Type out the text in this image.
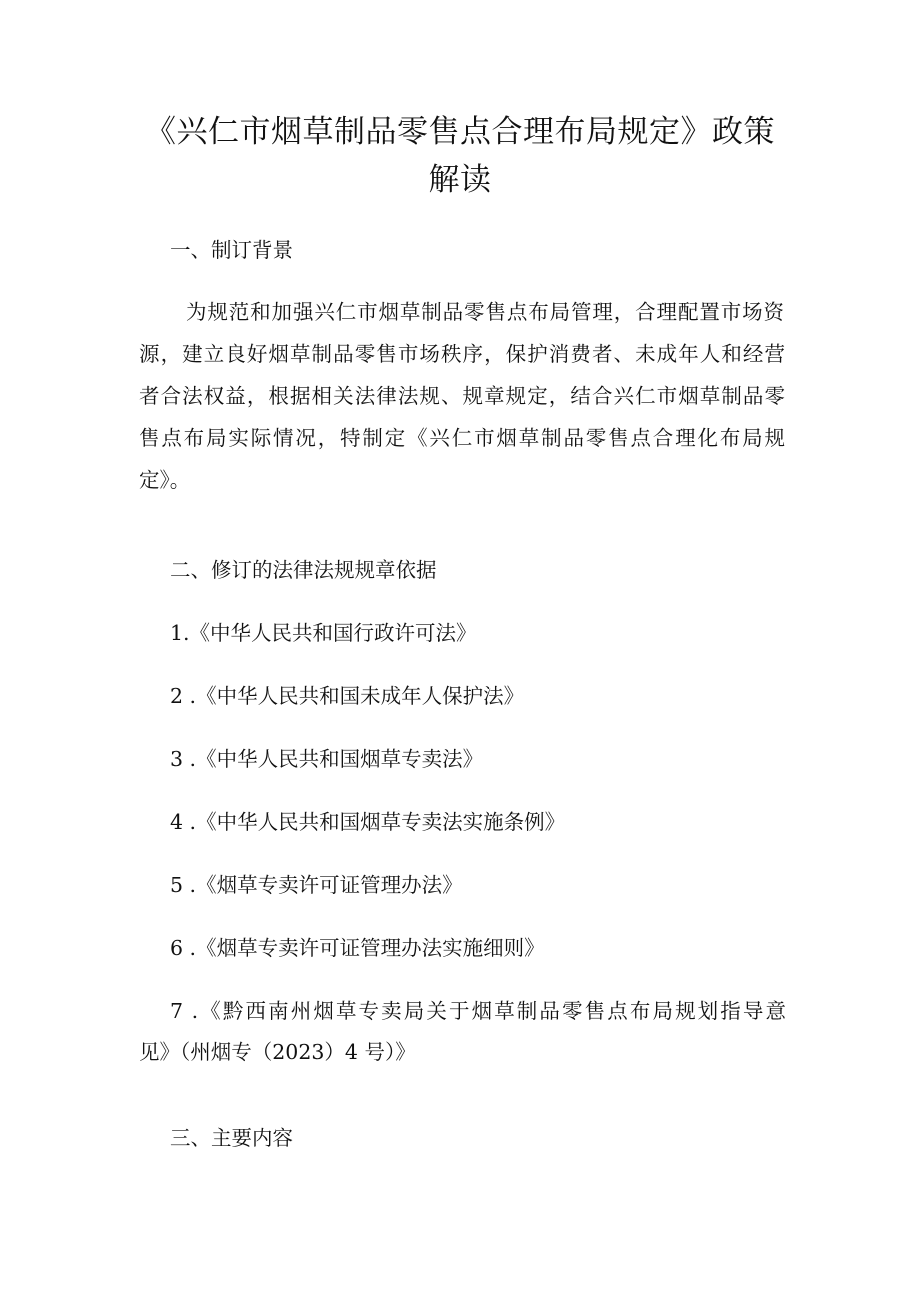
《兴仁市烟草制品零售点合理布局规定》政策
解读
一、制订背景
为规范和加强兴仁市烟草制品零售点布局管理，合理配置市场资
源，建立良好烟草制品零售市场秩序，保护消费者、未成年人和经营
者合法权益，根据相关法律法规、规章规定，结合兴仁市烟草制品零
售点布局实际情况，特制定《兴仁市烟草制品零售点合理化布局规
定》。
二、修订的法律法规规章依据
1.《中华人民共和国行政许可法》
2 .《中华人民共和国未成年人保护法》
3 .《中华人民共和国烟草专卖法》
4 .《中华人民共和国烟草专卖法实施条例》
5 .《烟草专卖许可证管理办法》
6 .《烟草专卖许可证管理办法实施细则》
7 .《黔西南州烟草专卖局关于烟草制品零售点布局规划指导意
见》（州烟专（2023）4 号）》
三、主要内容
